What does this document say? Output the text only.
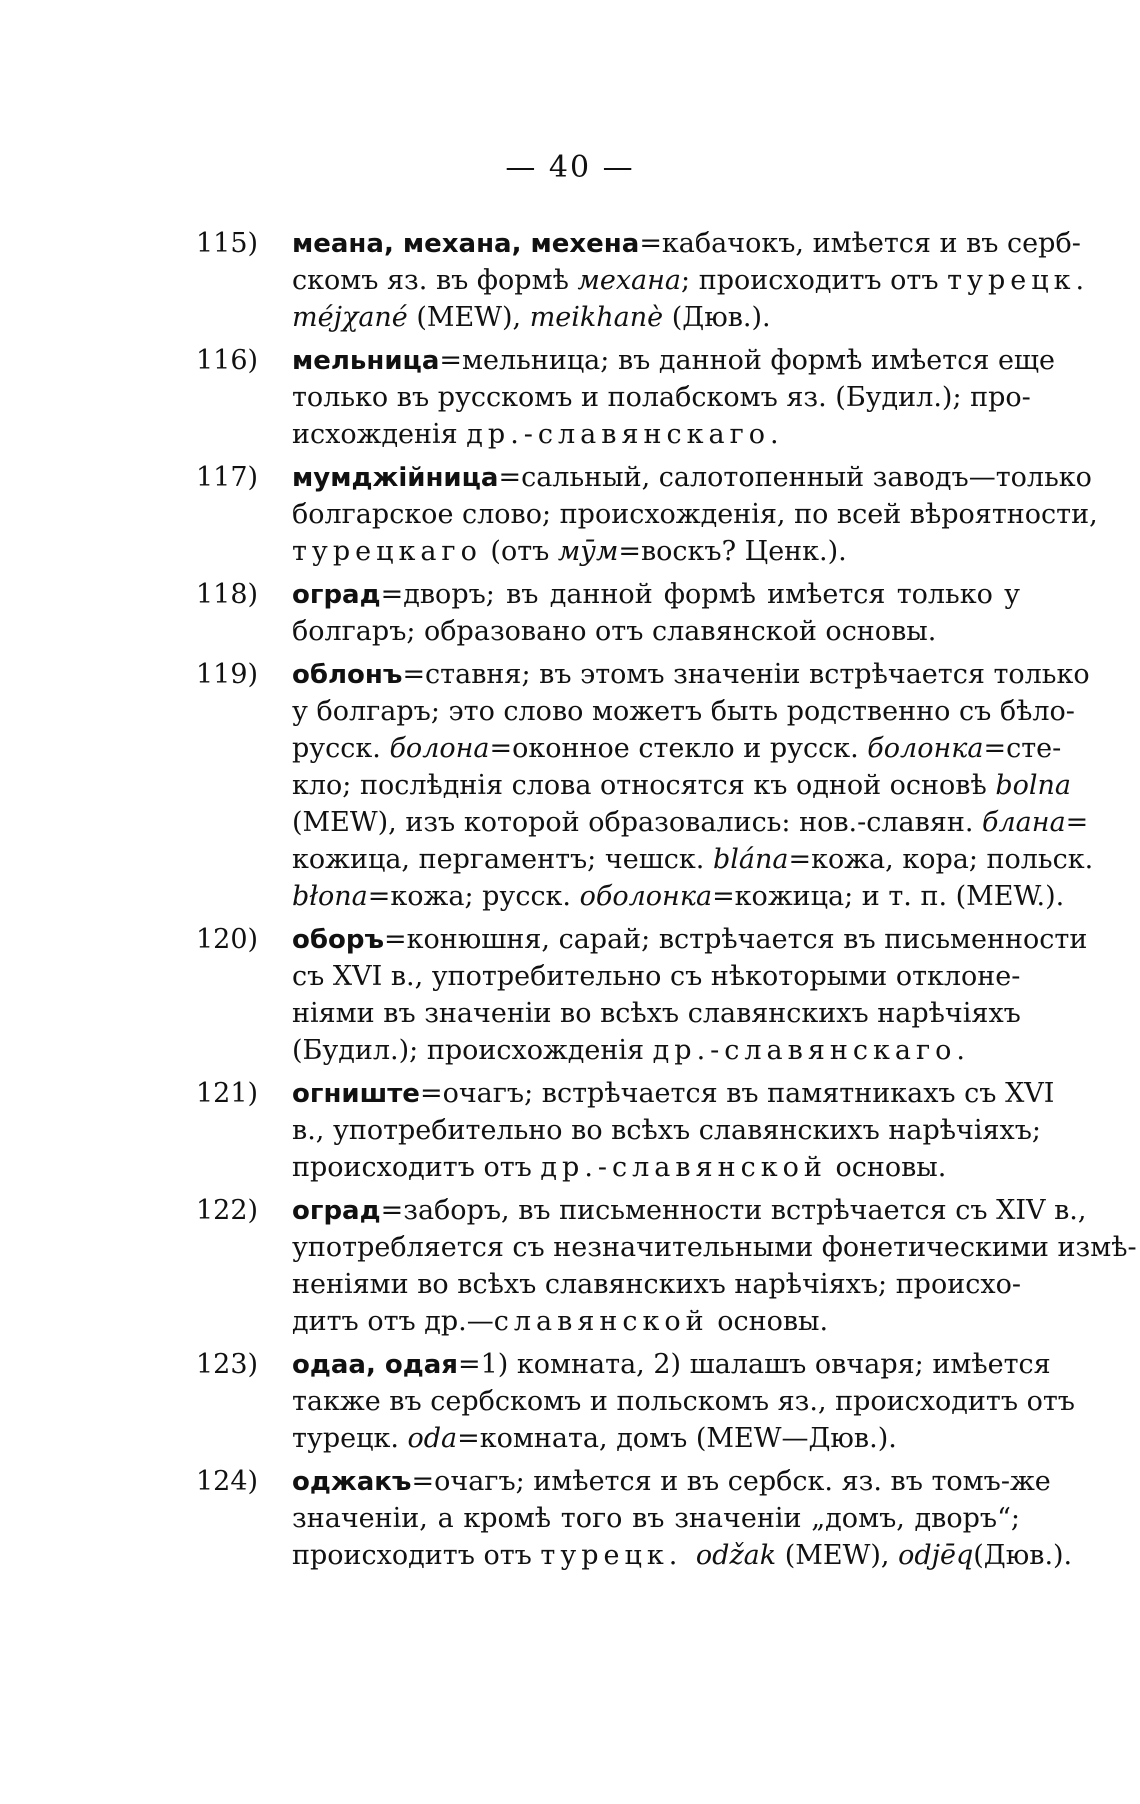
— 40 —
115) меана, механа, мехена=кабачокъ, имѣется и въ серб-
скомъ яз. въ формѣ механа; происходитъ отъ турецк.
méjχané (MEW), meikhanè (Дюв.).
116) мельница=мельница; въ данной формѣ имѣется еще
только въ русскомъ и полабскомъ яз. (Будил.); про-
исхожденія др.-славянскаго.
117) мумджійница=сальный, салотопенный заводъ—только
болгарское слово; происхожденія, по всей вѣроятности,
турецкаго (отъ мӯм=воскъ? Ценк.).
118) оград=дворъ; въ данной формѣ имѣется только у
болгаръ; образовано отъ славянской основы.
119) облонъ=ставня; въ этомъ значеніи встрѣчается только
у болгаръ; это слово можетъ быть родственно съ бѣло-
русск. болона=оконное стекло и русск. болонка=сте-
кло; послѣднія слова относятся къ одной основѣ bolna
(MEW), изъ которой образовались: нов.-славян. блана=
кожица, пергаментъ; чешск. bláпа=кожа, кора; польск.
błona=кожа; русск. оболонка=кожица; и т. п. (MEW.).
120) оборъ=конюшня, сарай; встрѣчается въ письменности
съ XVI в., употребительно съ нѣкоторыми отклоне-
ніями въ значеніи во всѣхъ славянскихъ нарѣчіяхъ
(Будил.); происхожденія др.-славянскаго.
121) огниште=очагъ; встрѣчается въ памятникахъ съ XVI
в., употребительно во всѣхъ славянскихъ нарѣчіяхъ;
происходитъ отъ др.-славянской основы.
122) оград=заборъ, въ письменности встрѣчается съ XIV в.,
употребляется съ незначительными фонетическими измѣ-
неніями во всѣхъ славянскихъ нарѣчіяхъ; происхо-
дитъ отъ др.—славянской основы.
123) одаа, одая=1) комната, 2) шалашъ овчаря; имѣется
также въ сербскомъ и польскомъ яз., происходитъ отъ
турецк. oda=комната, домъ (MEW—Дюв.).
124) оджакъ=очагъ; имѣется и въ сербск. яз. въ томъ-же
значеніи, а кромѣ того въ значеніи „домъ, дворъ“;
происходитъ отъ турецк. odžak (MEW), odjēq(Дюв.).
